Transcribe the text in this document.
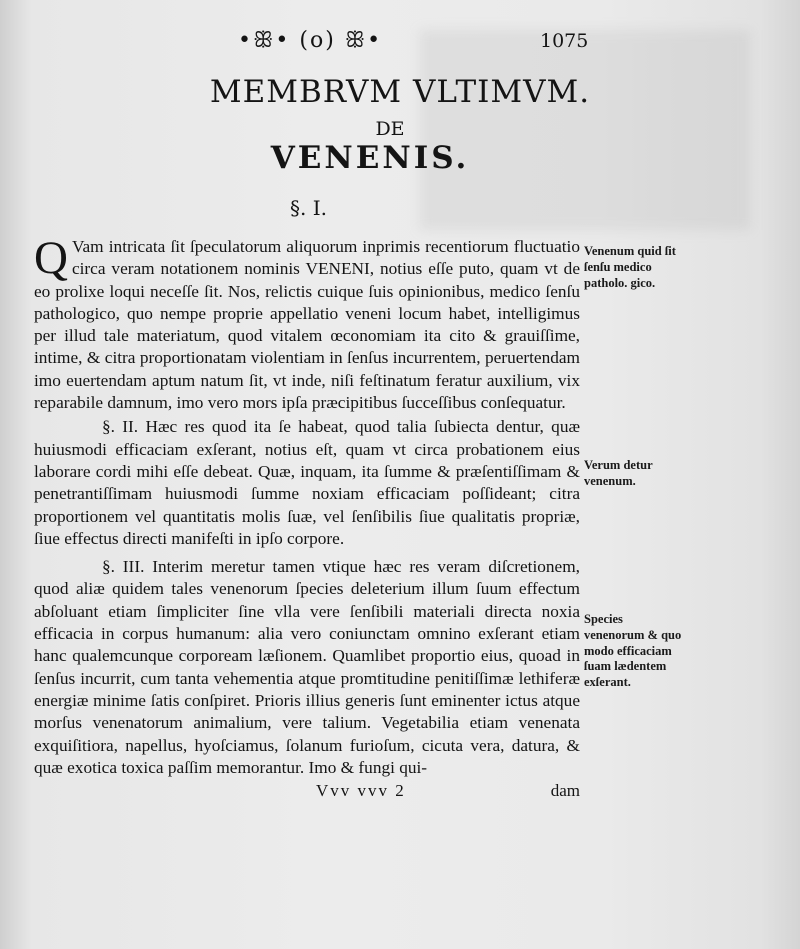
•ꕥ• (o) ꕥ•	1075
MEMBRVM VLTIMVM.
DE
VENENIS.
§. I.

Q Vam intricata ſit ſpeculatorum aliquorum inprimis recentiorum fluctuatio circa veram notationem nominis VENENI, notius eſſe puto, quam vt de eo prolixe loqui neceſſe ſit. Nos, relictis cuique ſuis opinionibus, medico ſenſu pathologico, quo nempe proprie appellatio veneni locum habet, intelligimus per illud tale materiatum, quod vitalem œconomiam ita cito & grauiſſime, intime, & citra proportionatam violentiam in ſenſus incurrentem, peruertendam imo euertendam aptum natum ſit, vt inde, niſi feſtinatum feratur auxilium, vix reparabile damnum, imo vero mors ipſa præcipitibus ſucceſſibus conſequatur.

§. II. Hæc res quod ita ſe habeat, quod talia ſubiecta dentur, quæ huiusmodi efficaciam exſerant, notius eſt, quam vt circa probationem eius laborare cordi mihi eſſe debeat. Quæ, inquam, ita ſumme & præſentiſſimam & penetrantiſſimam huiusmodi ſumme noxiam efficaciam poſſideant; citra proportionem vel quantitatis molis ſuæ, vel ſenſibilis ſiue qualitatis propriæ, ſiue effectus directi manifeſti in ipſo corpore.

§. III. Interim meretur tamen vtique hæc res veram diſcretionem, quod aliæ quidem tales venenorum ſpecies deleterium illum ſuum effectum abſoluant etiam ſimpliciter ſine vlla vere ſenſibili materiali directa noxia efficacia in corpus humanum: alia vero coniunctam omnino exſerant etiam hanc qualemcunque corpoream læſionem. Quamlibet proportio eius, quoad in ſenſus incurrit, cum tanta vehementia atque promtitudine penitiſſimæ lethiferæ energiæ minime ſatis conſpiret. Prioris illius generis ſunt eminenter ictus atque morſus venenatorum animalium, vere talium. Vegetabilia etiam venenata exquiſitiora, napellus, hyoſciamus, ſolanum furioſum, cicuta vera, datura, & quæ exotica toxica paſſim memorantur. Imo & fungi qui-

Vvv vvv 2	dam
Venenum quid ſit ſenſu medico patholo. gico.
Verum detur venenum.
Species venenorum & quo modo efficaciam ſuam lædentem exſerant.
